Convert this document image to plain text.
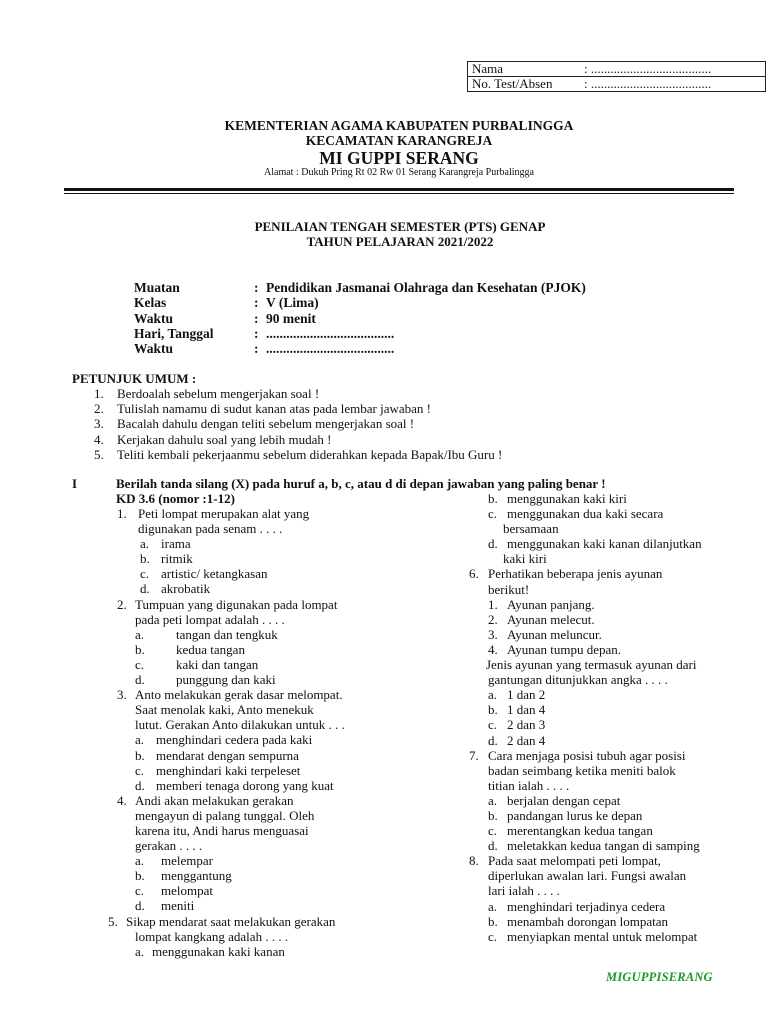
Nama	: .....................................
No. Test/Absen	: .....................................
KEMENTERIAN AGAMA KABUPATEN PURBALINGGA
KECAMATAN KARANGREJA
MI GUPPI SERANG
Alamat : Dukuh Pring Rt 02 Rw 01 Serang Karangreja Purbalingga
PENILAIAN TENGAH SEMESTER (PTS) GENAP
TAHUN PELAJARAN 2021/2022
Muatan	: Pendidikan Jasmanai Olahraga dan Kesehatan (PJOK)
Kelas	: V (Lima)
Waktu	: 90 menit
Hari, Tanggal	: ......................................
Waktu	: ......................................
PETUNJUK UMUM :
1. Berdoalah sebelum mengerjakan soal !
2. Tulislah namamu di sudut kanan atas pada lembar jawaban !
3. Bacalah dahulu dengan teliti sebelum mengerjakan soal !
4. Kerjakan dahulu soal yang lebih mudah !
5. Teliti kembali pekerjaanmu sebelum diderahkan kepada Bapak/Ibu Guru !
I	Berilah tanda silang (X) pada huruf a, b, c, atau d di depan jawaban yang paling benar !
KD 3.6 (nomor :1-12)
1. Peti lompat merupakan alat yang
digunakan pada senam . . . .
a. irama
b. ritmik
c. artistic/ ketangkasan
d. akrobatik
2. Tumpuan yang digunakan pada lompat
pada peti lompat adalah . . . .
a. tangan dan tengkuk
b. kedua tangan
c. kaki dan tangan
d. punggung dan kaki
3. Anto melakukan gerak dasar melompat.
Saat menolak kaki, Anto menekuk
lutut. Gerakan Anto dilakukan untuk . . .
a. menghindari cedera pada kaki
b. mendarat dengan sempurna
c. menghindari kaki terpeleset
d. memberi tenaga dorong yang kuat
4. Andi akan melakukan gerakan
mengayun di palang tunggal. Oleh
karena itu, Andi harus menguasai
gerakan . . . .
a. melempar
b. menggantung
c. melompat
d. meniti
5. Sikap mendarat saat melakukan gerakan
lompat kangkang adalah . . . .
a. menggunakan kaki kanan
b. menggunakan kaki kiri
c. menggunakan dua kaki secara
bersamaan
d. menggunakan kaki kanan dilanjutkan
kaki kiri
6. Perhatikan beberapa jenis ayunan
berikut!
1. Ayunan panjang.
2. Ayunan melecut.
3. Ayunan meluncur.
4. Ayunan tumpu depan.
Jenis ayunan yang termasuk ayunan dari
gantungan ditunjukkan angka . . . .
a. 1 dan 2
b. 1 dan 4
c. 2 dan 3
d. 2 dan 4
7. Cara menjaga posisi tubuh agar posisi
badan seimbang ketika meniti balok
titian ialah . . . .
a. berjalan dengan cepat
b. pandangan lurus ke depan
c. merentangkan kedua tangan
d. meletakkan kedua tangan di samping
8. Pada saat melompati peti lompat,
diperlukan awalan lari. Fungsi awalan
lari ialah . . . .
a. menghindari terjadinya cedera
b. menambah dorongan lompatan
c. menyiapkan mental untuk melompat
MIGUPPISERANG
